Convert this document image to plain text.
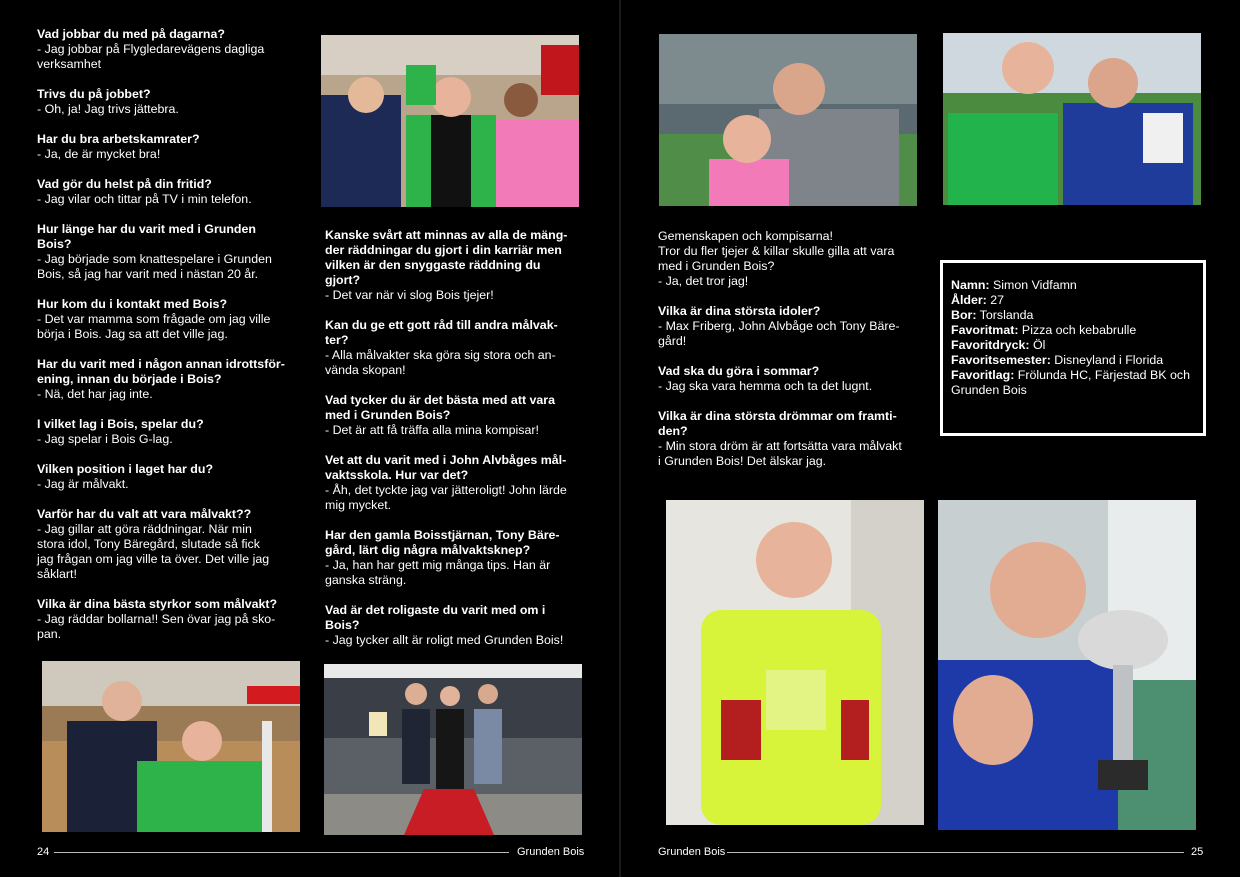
Vad jobbar du med på dagarna?
- Jag jobbar på Flygledarevägens dagliga
verksamhet
Trivs du på jobbet?
- Oh, ja! Jag trivs jättebra.
Har du bra arbetskamrater?
- Ja, de är mycket bra!
Vad gör du helst på din fritid?
- Jag vilar och tittar på TV i min telefon.
Hur länge har du varit med i Grunden
Bois?
- Jag började som knattespelare i Grunden
Bois, så jag har varit med i nästan 20 år.
Hur kom du i kontakt med Bois?
- Det var mamma som frågade om jag ville
börja i Bois. Jag sa att det ville jag.
Har du varit med i någon annan idrottsför-
ening, innan du började i Bois?
- Nä, det har jag inte.
I vilket lag i Bois, spelar du?
- Jag spelar i Bois G-lag.
Vilken position i laget har du?
- Jag är målvakt.
Varför har du valt att vara målvakt??
- Jag gillar att göra räddningar. När min
stora idol, Tony Bäregård, slutade så fick
jag frågan om jag ville ta över. Det ville jag
såklart!
Vilka är dina bästa styrkor som målvakt?
- Jag räddar bollarna!! Sen övar jag på sko-
pan.
Kanske svårt att minnas av alla de mäng-
der räddningar du gjort i din karriär men
vilken är den snyggaste räddning du
gjort?
- Det var när vi slog Bois tjejer!
Kan du ge ett gott råd till andra målvak-
ter?
- Alla målvakter ska göra sig stora och an-
vända skopan!
Vad tycker du är det bästa med att vara
med i Grunden Bois?
- Det är att få träffa alla mina kompisar!
Vet att du varit med i John Alvbåges mål-
vaktsskola. Hur var det?
- Åh, det tyckte jag var jätteroligt! John lärde
mig mycket.
Har den gamla Boisstjärnan, Tony Bäre-
gård, lärt dig några målvaktsknep?
- Ja, han har gett mig många tips. Han är
ganska sträng.
Vad är det roligaste du varit med om i
Bois?
- Jag tycker allt är roligt med Grunden Bois!
Gemenskapen och kompisarna!
Tror du fler tjejer & killar skulle gilla att vara
med i Grunden Bois?
- Ja, det tror jag!
Vilka är dina största idoler?
- Max Friberg, John Alvbåge och Tony Bäre-
gård!
Vad ska du göra i sommar?
- Jag ska vara hemma och ta det lugnt.
Vilka är dina största drömmar om framti-
den?
- Min stora dröm är att fortsätta vara målvakt
i Grunden Bois! Det älskar jag.
Namn: Simon Vidfamn
Ålder: 27
Bor: Torslanda
Favoritmat: Pizza och kebabrulle
Favoritdryck: Öl
Favoritsemester: Disneyland i Florida
Favoritlag: Frölunda HC, Färjestad BK och
Grunden Bois
24	Grunden Bois	Grunden Bois	25
